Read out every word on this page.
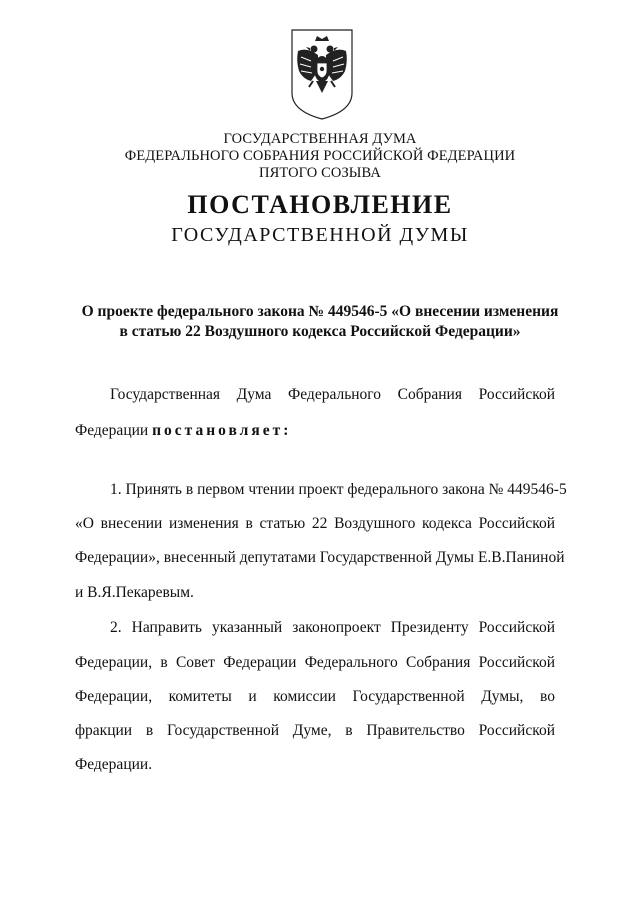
ГОСУДАРСТВЕННАЯ ДУМА
ФЕДЕРАЛЬНОГО СОБРАНИЯ РОССИЙСКОЙ ФЕДЕРАЦИИ
ПЯТОГО СОЗЫВА
ПОСТАНОВЛЕНИЕ
ГОСУДАРСТВЕННОЙ ДУМЫ
О проекте федерального закона № 449546-5 «О внесении изменения
в статью 22 Воздушного кодекса Российской Федерации»
Государственная Дума Федерального Собрания Российской
Федерации постановляет:
1. Принять в первом чтении проект федерального закона № 449546-5
«О внесении изменения в статью 22 Воздушного кодекса Российской
Федерации», внесенный депутатами Государственной Думы Е.В.Паниной
и В.Я.Пекаревым.
2. Направить указанный законопроект Президенту Российской
Федерации, в Совет Федерации Федерального Собрания Российской
Федерации, комитеты и комиссии Государственной Думы, во
фракции в Государственной Думе, в Правительство Российской
Федерации.
